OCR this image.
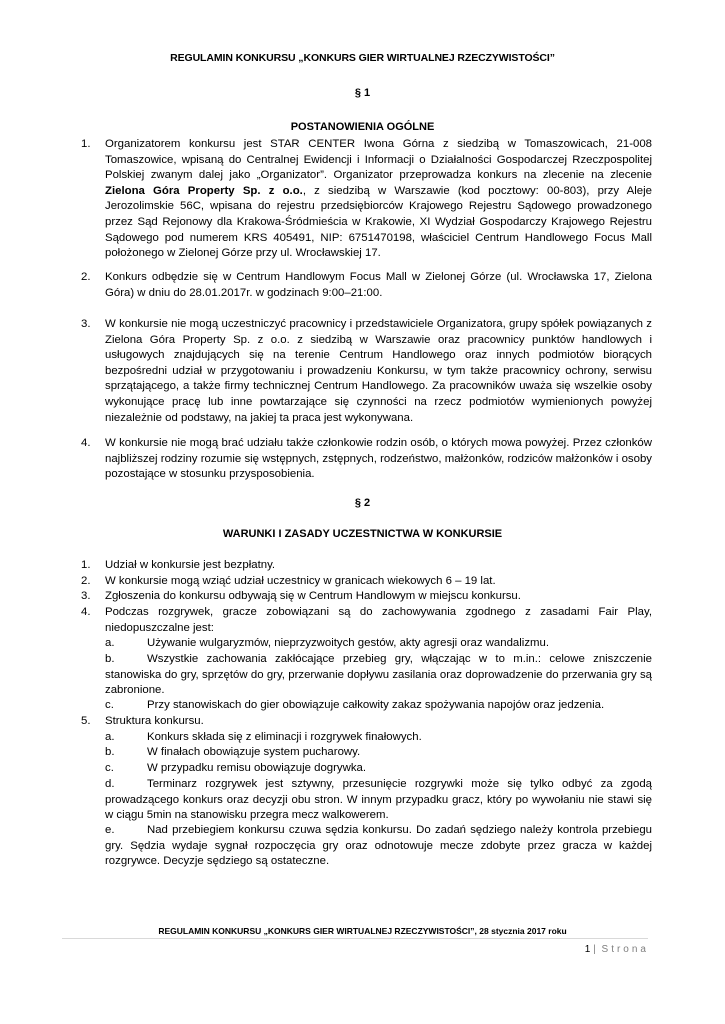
REGULAMIN KONKURSU „KONKURS GIER WIRTUALNEJ RZECZYWISTOŚCI”
§ 1
POSTANOWIENIA OGÓLNE
1. Organizatorem konkursu jest STAR CENTER Iwona Górna z siedzibą w Tomaszowicach, 21-008 Tomaszowice, wpisaną do Centralnej Ewidencji i Informacji o Działalności Gospodarczej Rzeczpospolitej Polskiej zwanym dalej jako „Organizator”. Organizator przeprowadza konkurs na zlecenie na zlecenie Zielona Góra Property Sp. z o.o., z siedzibą w Warszawie (kod pocztowy: 00-803), przy Aleje Jerozolimskie 56C, wpisana do rejestru przedsiębiorców Krajowego Rejestru Sądowego prowadzonego przez Sąd Rejonowy dla Krakowa-Śródmieścia w Krakowie, XI Wydział Gospodarczy Krajowego Rejestru Sądowego pod numerem KRS 405491, NIP: 6751470198, właściciel Centrum Handlowego Focus Mall położonego w Zielonej Górze przy ul. Wrocławskiej 17.
2. Konkurs odbędzie się w Centrum Handlowym Focus Mall w Zielonej Górze (ul. Wrocławska 17, Zielona Góra) w dniu do 28.01.2017r. w godzinach 9:00–21:00.
3. W konkursie nie mogą uczestniczyć pracownicy i przedstawiciele Organizatora, grupy spółek powiązanych z Zielona Góra Property Sp. z o.o. z siedzibą w Warszawie oraz pracownicy punktów handlowych i usługowych znajdujących się na terenie Centrum Handlowego oraz innych podmiotów biorących bezpośredni udział w przygotowaniu i prowadzeniu Konkursu, w tym także pracownicy ochrony, serwisu sprzątającego, a także firmy technicznej Centrum Handlowego. Za pracowników uważa się wszelkie osoby wykonujące pracę lub inne powtarzające się czynności na rzecz podmiotów wymienionych powyżej niezależnie od podstawy, na jakiej ta praca jest wykonywana.
4. W konkursie nie mogą brać udziału także członkowie rodzin osób, o których mowa powyżej. Przez członków najbliższej rodziny rozumie się wstępnych, zstępnych, rodzeństwo, małżonków, rodziców małżonków i osoby pozostające w stosunku przysposobienia.
§ 2
WARUNKI I ZASADY UCZESTNICTWA W KONKURSIE
1. Udział w konkursie jest bezpłatny.
2. W konkursie mogą wziąć udział uczestnicy w granicach wiekowych 6 – 19 lat.
3. Zgłoszenia do konkursu odbywają się w Centrum Handlowym w miejscu konkursu.
4. Podczas rozgrywek, gracze zobowiązani są do zachowywania zgodnego z zasadami Fair Play, niedopuszczalne jest:
a.	Używanie wulgaryzmów, nieprzyzwoitych gestów, akty agresji oraz wandalizmu.
b.	Wszystkie zachowania zakłócające przebieg gry, włączając w to m.in.: celowe zniszczenie stanowiska do gry, sprzętów do gry, przerwanie dopływu zasilania oraz doprowadzenie do przerwania gry są zabronione.
c.	Przy stanowiskach do gier obowiązuje całkowity zakaz spożywania napojów oraz jedzenia.
5. Struktura konkursu.
a.	Konkurs składa się z eliminacji i rozgrywek finałowych.
b.	W finałach obowiązuje system pucharowy.
c.	W przypadku remisu obowiązuje dogrywka.
d.	Terminarz rozgrywek jest sztywny, przesunięcie rozgrywki może się tylko odbyć za zgodą prowadzącego konkurs oraz decyzji obu stron. W innym przypadku gracz, który po wywołaniu nie stawi się w ciągu 5min na stanowisku przegra mecz walkowerem.
e.	Nad przebiegiem konkursu czuwa sędzia konkursu. Do zadań sędziego należy kontrola przebiegu gry. Sędzia wydaje sygnał rozpoczęcia gry oraz odnotowuje mecze zdobyte przez gracza w każdej rozgrywce. Decyzje sędziego są ostateczne.
REGULAMIN KONKURSU „KONKURS GIER WIRTUALNEJ RZECZYWISTOŚCI”, 28 stycznia 2017 roku
1 | Strona
